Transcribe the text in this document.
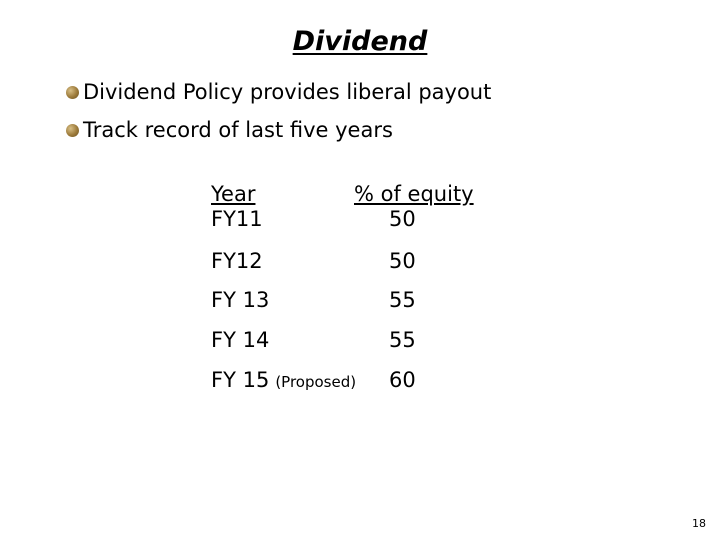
Dividend
Dividend Policy provides liberal payout
Track record of last five years
Year	% of equity
FY11	50
FY12	50
FY 13	55
FY 14	55
FY 15 (Proposed) 60
18
